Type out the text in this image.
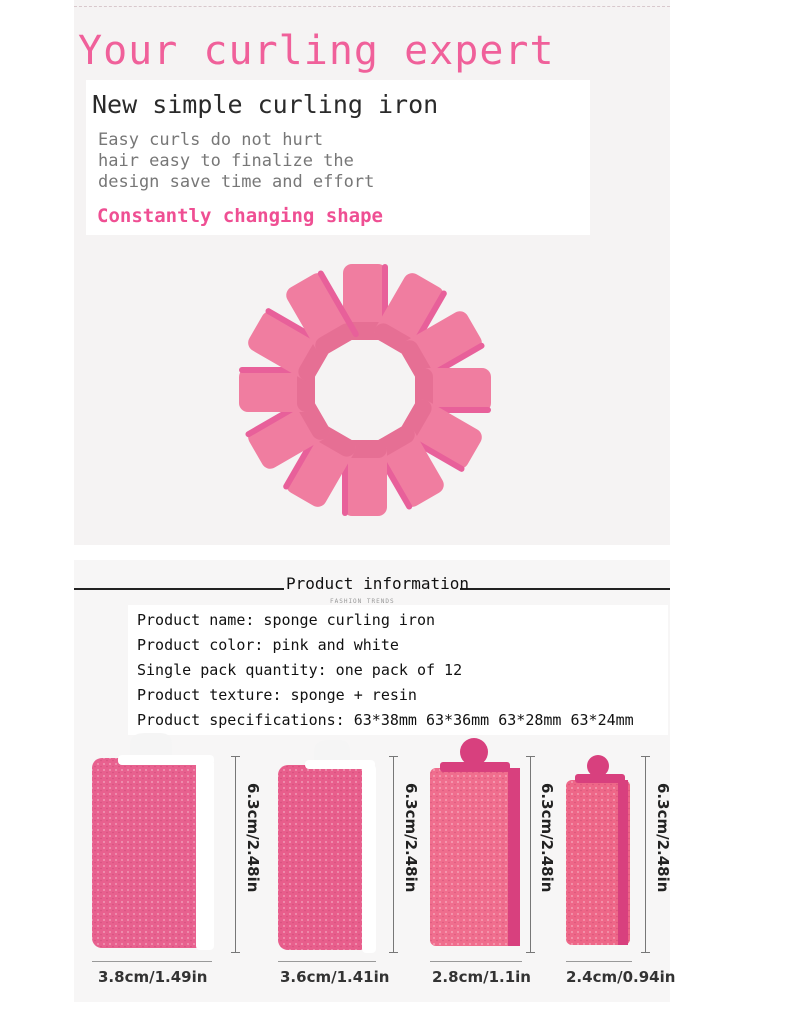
Your curling expert
New simple curling iron
Easy curls do not hurt
hair easy to finalize the
design save time and effort
Constantly changing shape
Product information
FASHION TRENDS
Product name: sponge curling iron
Product color: pink and white
Single pack quantity: one pack of 12
Product texture: sponge + resin
Product specifications: 63*38mm 63*36mm 63*28mm 63*24mm
6.3cm/2.48in	6.3cm/2.48in	6.3cm/2.48in	6.3cm/2.48in
3.8cm/1.49in	3.6cm/1.41in	2.8cm/1.1in 2.4cm/0.94in
